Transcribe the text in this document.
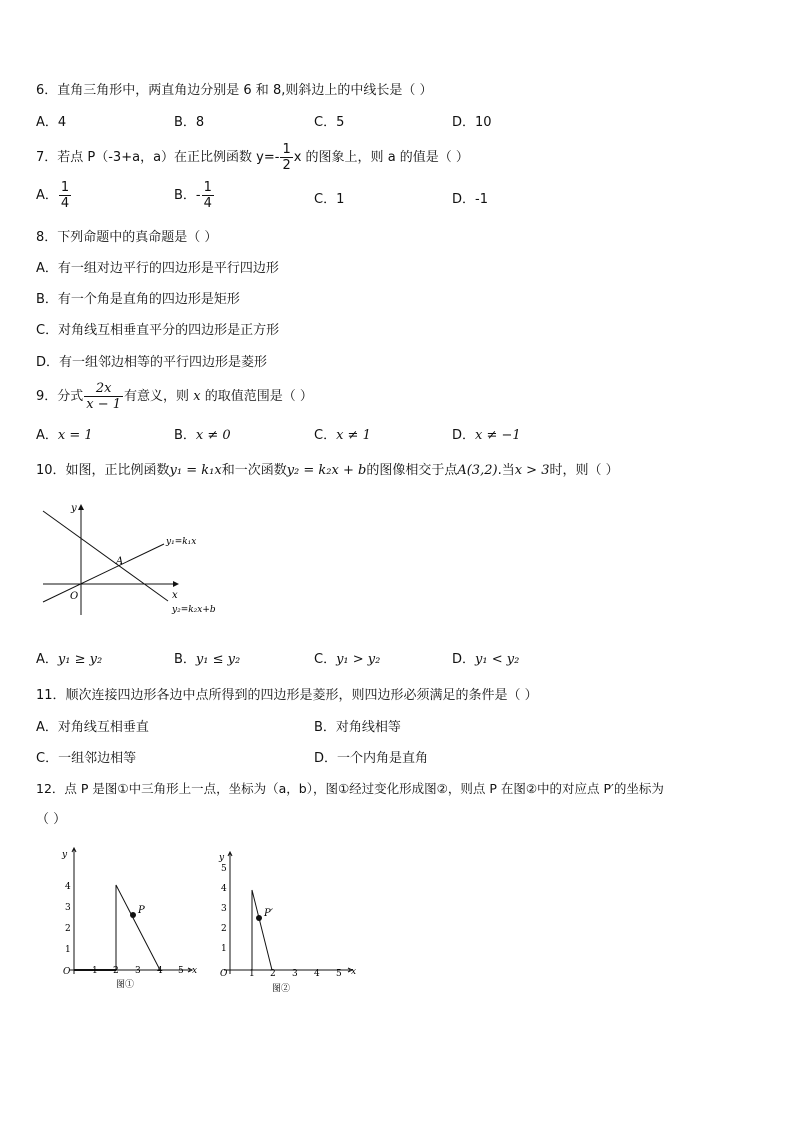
6．直角三角形中，两直角边分别是 6 和 8,则斜边上的中线长是（ ）
A．4	B．8	C．5	D．10
7．若点 P（-3+a，a）在正比例函数 $y=- \frac{1}{2}$ x 的图象上，则 a 的值是（ ）
A． $\frac{1}{4}$	B．- $\frac{1}{4}$	C．1	D．-1
8．下列命题中的真命题是（ ）
A．有一组对边平行的四边形是平行四边形
B．有一个角是直角的四边形是矩形
C．对角线互相垂直平分的四边形是正方形
D．有一组邻边相等的平行四边形是菱形
9．分式 $\frac{2x}{x - 1}$ 有意义，则 x 的取值范围是（ ）
A．x = 1	B．x ≠ 0	C．x ≠ 1	D．x ≠ −1
10．如图，正比例函数y₁ = k₁x和一次函数y₂ = k₂x + b的图像相交于点A(3,2).当x > 3时，则（ ）
y
x
O
A
y₁=k₁x
y₂=k₂x+b
A．y₁ ≥ y₂	B．y₁ ≤ y₂	C．y₁ > y₂	D．y₁ < y₂
11．顺次连接四边形各边中点所得到的四边形是菱形，则四边形必须满足的条件是（ ）
A．对角线互相垂直	B．对角线相等
C．一组邻边相等	D．一个内角是直角
12．点 P 是图①中三角形上一点，坐标为（a，b），图①经过变化形成图②，则点 P 在图②中的对应点 P′的坐标为
（ ）
P
y
x
O 1 2 3 4 5
1
2
3
4
图①
P′
y
x
O 1 2 3 4 5
1
2
3
4
5
图②
